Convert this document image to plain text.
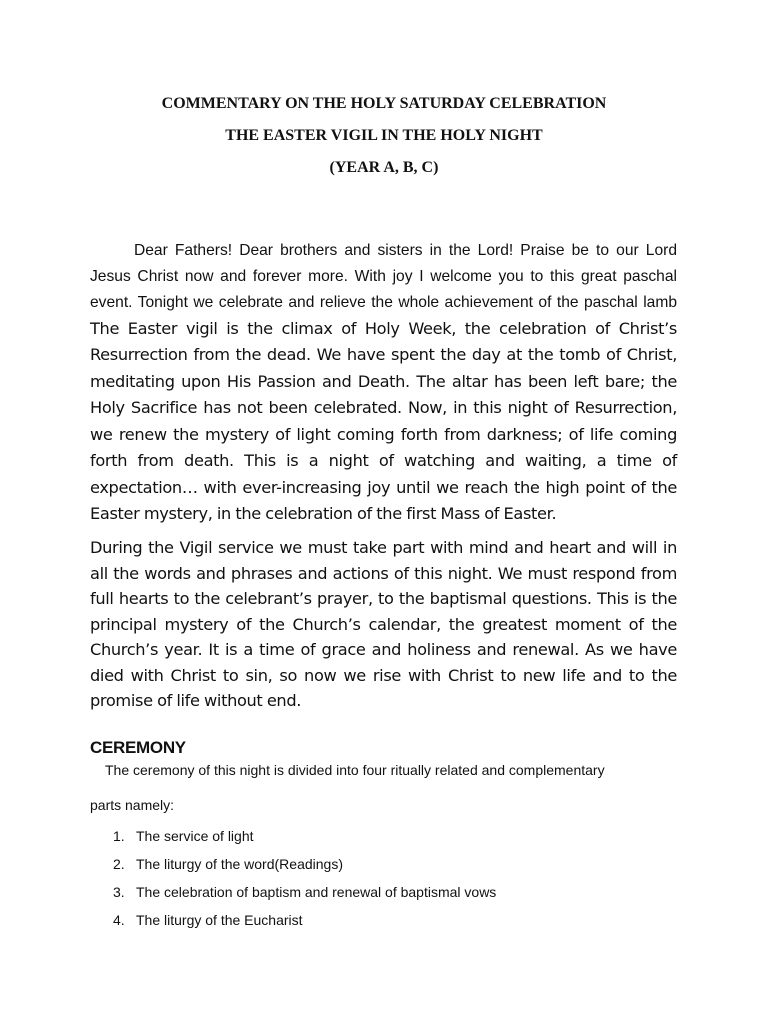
COMMENTARY ON THE HOLY SATURDAY CELEBRATION
THE EASTER VIGIL IN THE HOLY NIGHT
(YEAR A, B, C)

Dear Fathers! Dear brothers and sisters in the Lord! Praise be to our Lord Jesus Christ now and forever more. With joy I welcome you to this great paschal event. Tonight we celebrate and relieve the whole achievement of the paschal lamb The Easter vigil is the climax of Holy Week, the celebration of Christ’s Resurrection from the dead. We have spent the day at the tomb of Christ, meditating upon His Passion and Death. The altar has been left bare; the Holy Sacrifice has not been celebrated. Now, in this night of Resurrection, we renew the mystery of light coming forth from darkness; of life coming forth from death. This is a night of watching and waiting, a time of expectation… with ever-increasing joy until we reach the high point of the Easter mystery, in the celebration of the first Mass of Easter.

During the Vigil service we must take part with mind and heart and will in all the words and phrases and actions of this night. We must respond from full hearts to the celebrant’s prayer, to the baptismal questions. This is the principal mystery of the Church’s calendar, the greatest moment of the Church’s year. It is a time of grace and holiness and renewal. As we have died with Christ to sin, so now we rise with Christ to new life and to the promise of life without end.

CEREMONY

The ceremony of this night is divided into four ritually related and complementary

parts namely:

1. The service of light
2. The liturgy of the word(Readings)
3. The celebration of baptism and renewal of baptismal vows
4. The liturgy of the Eucharist
